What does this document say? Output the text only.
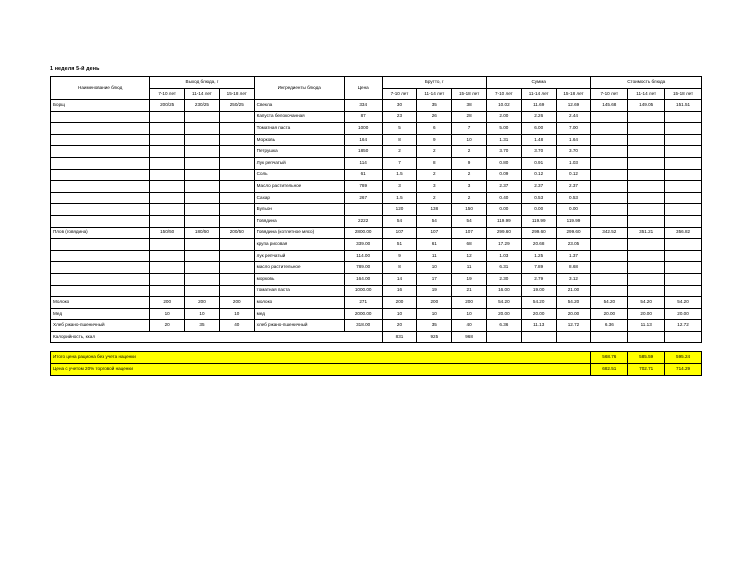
1 неделя 5-й день
Наименование блюд	Выход блюда, г			Ингредиенты блюда	Цена	Брутто, г			Сумма			Стоимость блюда		
	7-10 лет	11-14 лет	15-18 лет			7-10 лет	11-14 лет	15-18 лет	7-10 лет	11-14 лет	15-18 лет	7-10 лет	11-14 лет	15-18 лет
Борщ	200/25	230/25	250/25	Свекла	334	30	35	38	10.02	11.69	12.69	145.68	149.05	151.51
				Капуста белокочанная	87	23	26	28	2.00	2.26	2.44			
				Томатная паста	1000	5	6	7	5.00	6.00	7.00			
				Морковь	164	8	9	10	1.31	1.48	1.64			
				Петрушка	1850	2	2	2	3.70	3.70	3.70			
				Лук репчатый	114	7	8	9	0.80	0.91	1.03			
				Соль	61	1.5	2	2	0.09	0.12	0.12			
				Масло растительное	789	3	3	3	2.37	2.37	2.37			
				Сахар	267	1.5	2	2	0.40	0.53	0.53			
				Бульон		120	138	150	0.00	0.00	0.00			
				Говядина	2222	54	54	54	119.99	119.99	119.99			
Плов (говядина)	150/50	180/50	200/50	Говядина (котлетное мясо)	2800.00	107	107	107	299.60	299.60	299.60	342.52	351.21	356.82
				крупа рисовая	339.00	51	61	68	17.29	20.68	23.05			
				лук репчатый	114.00	9	11	12	1.03	1.25	1.37			
				масло растительное	789.00	8	10	11	6.31	7.89	8.68			
				морковь	164.00	14	17	19	2.30	2.79	3.12			
				томатная паста	1000.00	16	19	21	16.00	19.00	21.00			
Молоко	200	200	200	молоко	271	200	200	200	54.20	54.20	54.20	54.20	54.20	54.20
Мед	10	10	10	мед	2000.00	10	10	10	20.00	20.00	20.00	20.00	20.00	20.00
Хлеб ржано-пшеничный	20	35	40	хлеб ржано-пшеничный	318.00	20	35	40	6.36	11.13	12.72	6.36	11.13	12.72
Калорийность, ккал						831	925	968						

Итого цена рациона без учета наценки												568.76	585.59	595.24
Цена с учетом 20% торговой наценки												682.51	702.71	714.29
